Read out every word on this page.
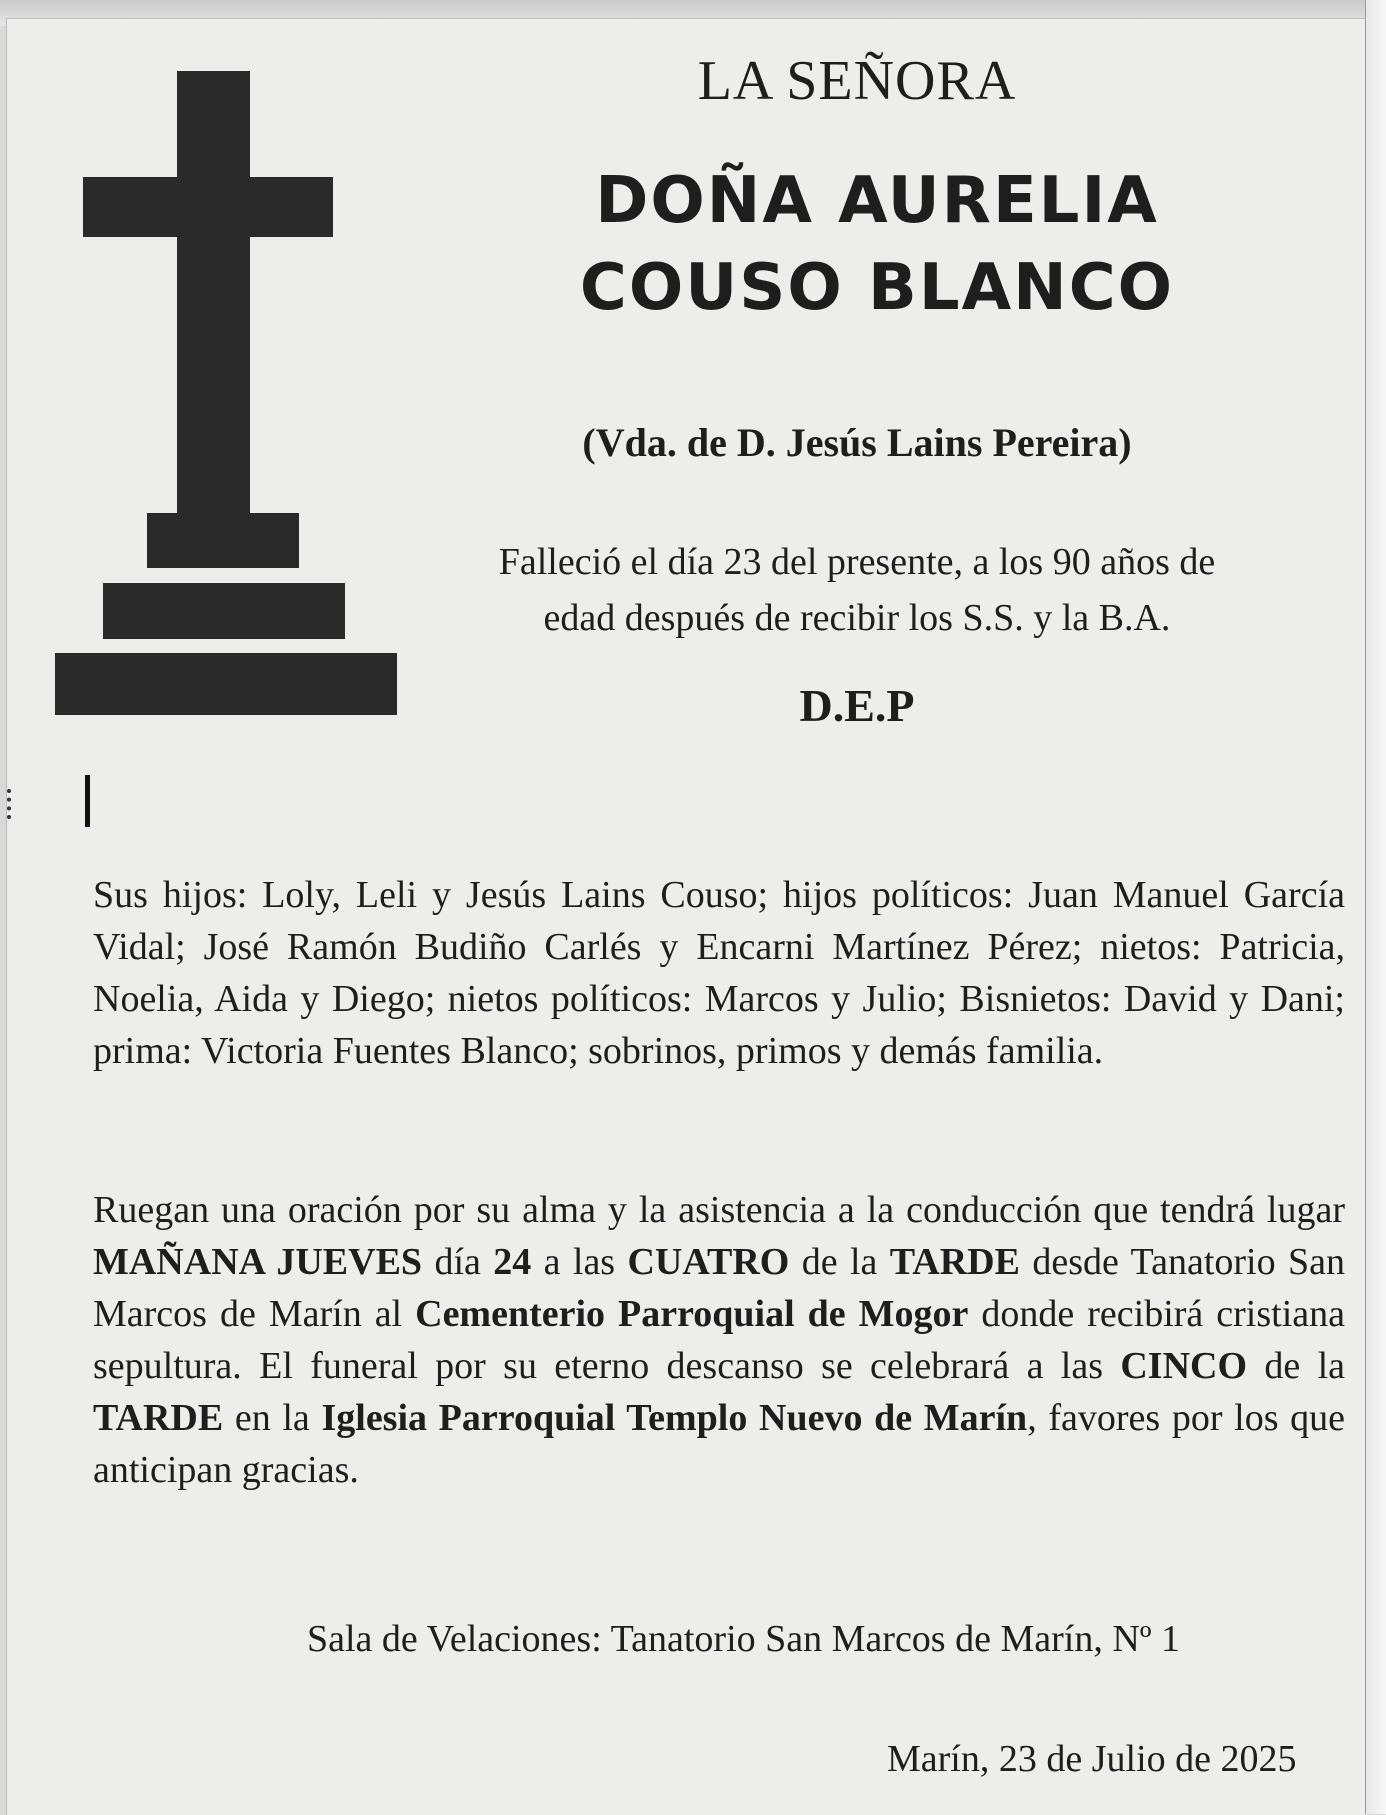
LA SEÑORA
DOÑA AURELIA
COUSO BLANCO
(Vda. de D. Jesús Lains Pereira)
Falleció el día 23 del presente, a los 90 años de
edad después de recibir los S.S. y la B.A.
D.E.P
Sus hijos: Loly, Leli y Jesús Lains Couso; hijos políticos: Juan Manuel García Vidal; José Ramón Budiño Carlés y Encarni Martínez Pérez; nietos: Patricia, Noelia, Aida y Diego; nietos políticos: Marcos y Julio; Bisnietos: David y Dani; prima: Victoria Fuentes Blanco; sobrinos, primos y demás familia.
Ruegan una oración por su alma y la asistencia a la conducción que tendrá lugar MAÑANA JUEVES día 24 a las CUATRO de la TARDE desde Tanatorio San Marcos de Marín al Cementerio Parroquial de Mogor donde recibirá cristiana sepultura. El funeral por su eterno descanso se celebrará a las CINCO de la TARDE en la Iglesia Parroquial Templo Nuevo de Marín, favores por los que anticipan gracias.
Sala de Velaciones: Tanatorio San Marcos de Marín, Nº 1
Marín, 23 de Julio de 2025
